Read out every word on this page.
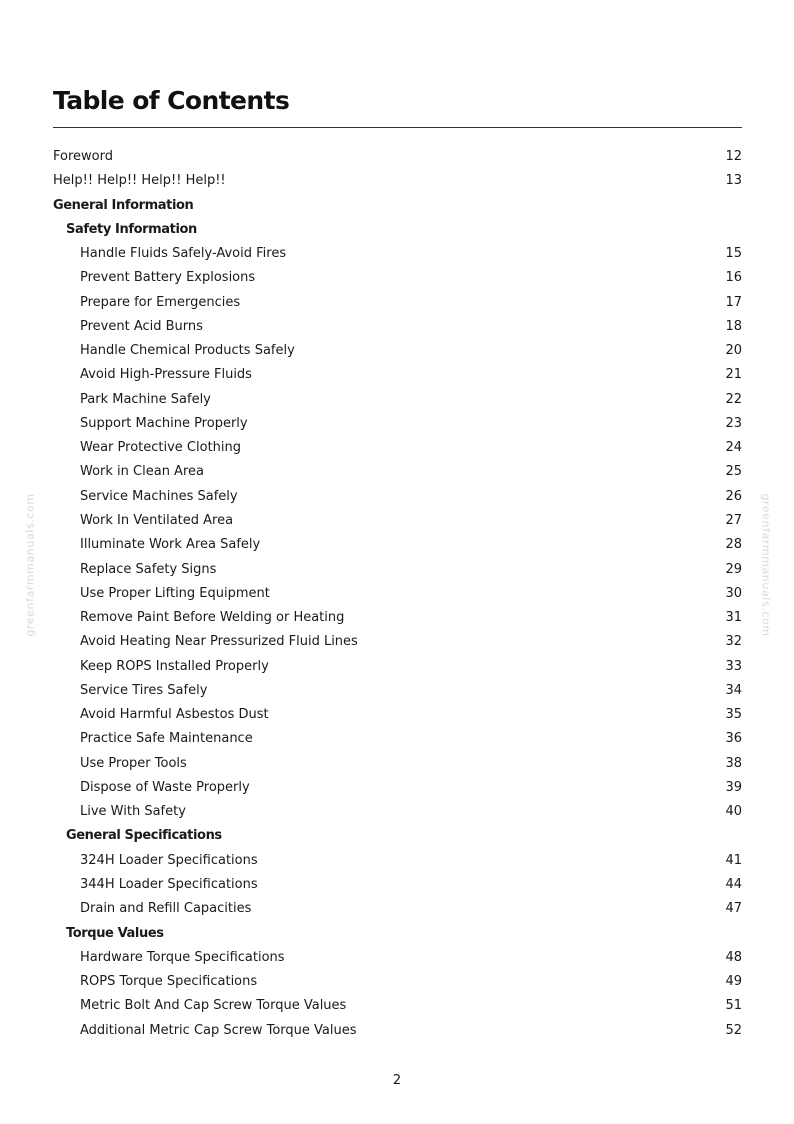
Table of Contents
Foreword	12
Help!! Help!! Help!! Help!!	13
General Information
Safety Information
Handle Fluids Safely-Avoid Fires	15
Prevent Battery Explosions	16
Prepare for Emergencies	17
Prevent Acid Burns	18
Handle Chemical Products Safely	20
Avoid High-Pressure Fluids	21
Park Machine Safely	22
Support Machine Properly	23
Wear Protective Clothing	24
Work in Clean Area	25
Service Machines Safely	26
Work In Ventilated Area	27
Illuminate Work Area Safely	28
Replace Safety Signs	29
Use Proper Lifting Equipment	30
Remove Paint Before Welding or Heating	31
Avoid Heating Near Pressurized Fluid Lines	32
Keep ROPS Installed Properly	33
Service Tires Safely	34
Avoid Harmful Asbestos Dust	35
Practice Safe Maintenance	36
Use Proper Tools	38
Dispose of Waste Properly	39
Live With Safety	40
General Specifications
324H Loader Specifications	41
344H Loader Specifications	44
Drain and Refill Capacities	47
Torque Values
Hardware Torque Specifications	48
ROPS Torque Specifications	49
Metric Bolt And Cap Screw Torque Values	51
Additional Metric Cap Screw Torque Values	52
greenfarmmanuals.com	greenfarmmanuals.com
2
